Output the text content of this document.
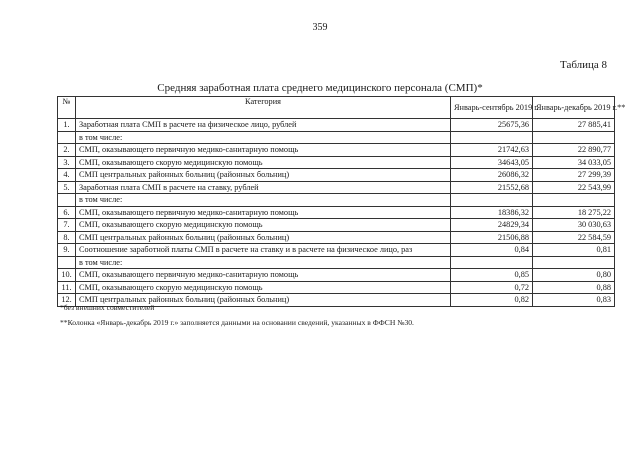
359
Таблица 8
Средняя заработная плата среднего медицинского персонала (СМП)*
№	Категория	Январь-сентябрь 2019 г.	Январь-декабрь 2019 г.**
1.	Заработная плата СМП в расчете на физическое лицо, рублей	25675,36	27 885,41
	в том числе:		
2.	СМП, оказывающего первичную медико-санитарную помощь	21742,63	22 890,77
3.	СМП, оказывающего скорую медицинскую помощь	34643,05	34 033,05
4.	СМП центральных районных больниц (районных больниц)	26086,32	27 299,39
5.	Заработная плата СМП в расчете на ставку, рублей	21552,68	22 543,99
	в том числе:		
6.	СМП, оказывающего первичную медико-санитарную помощь	18386,32	18 275,22
7.	СМП, оказывающего скорую медицинскую помощь	24829,34	30 030,63
8.	СМП центральных районных больниц (районных больниц)	21506,88	22 584,59
9.	Соотношение заработной платы СМП в расчете на ставку и в расчете на физическое лицо, раз	0,84	0,81
	в том числе:		
10.	СМП, оказывающего первичную медико-санитарную помощь	0,85	0,80
11.	СМП, оказывающего скорую медицинскую помощь	0,72	0,88
12.	СМП центральных районных больниц (районных больниц)	0,82	0,83
*без внешних совместителей
**Колонка «Январь-декабрь 2019 г.» заполняется данными на основании сведений, указанных в ФФСН №30.
